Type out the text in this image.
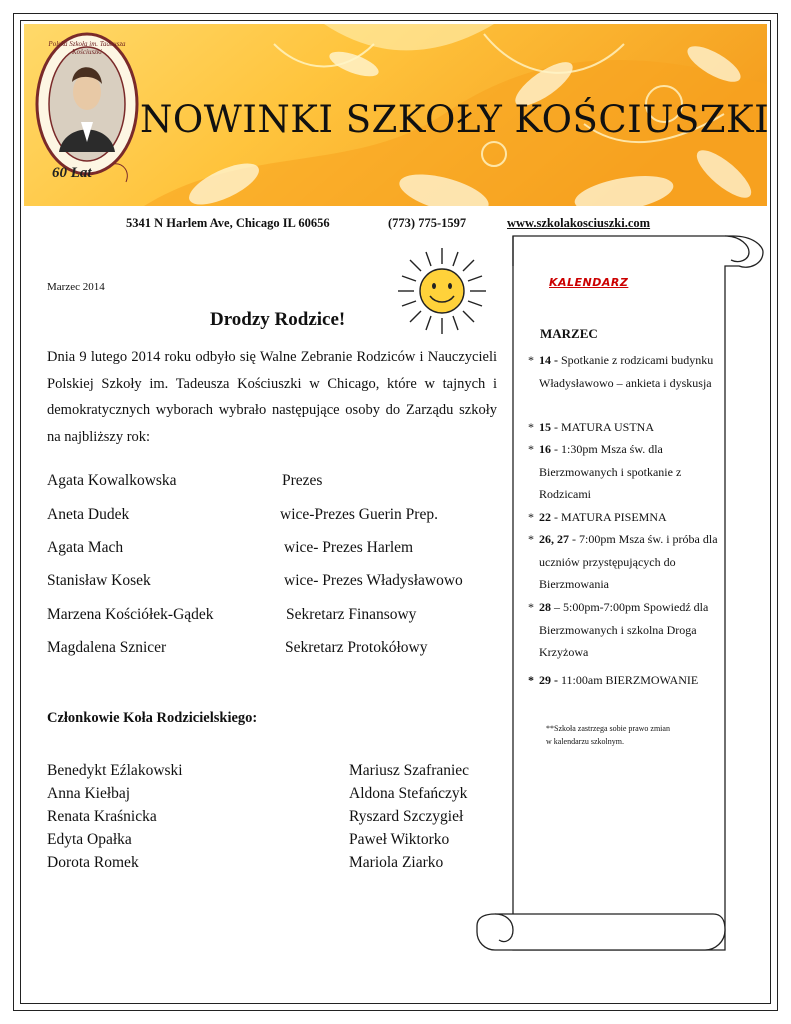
Polska Szkoła im. Tadeusza Kościuszki
60 Lat
NOWINKI SZKOŁY KOŚCIUSZKI
5341 N Harlem Ave, Chicago IL 60656	(773) 775-1597	www.szkolakosciuszki.com
Marzec 2014
Drodzy Rodzice!
Dnia 9 lutego 2014 roku odbyło się Walne Zebranie Rodziców i Nauczycieli Polskiej Szkoły im. Tadeusza Kościuszki w Chicago, które w tajnych i demokratycznych wyborach wybrało następujące osoby do Zarządu szkoły na najbliższy rok:
Agata Kowalkowska	Prezes
Aneta Dudek	wice-Prezes Guerin Prep.
Agata Mach	wice- Prezes Harlem
Stanisław Kosek	wice- Prezes Władysławowo
Marzena Kościółek-Gądek	Sekretarz Finansowy
Magdalena Sznicer	Sekretarz Protokółowy
Członkowie Koła Rodzicielskiego:
Benedykt Eźlakowski
Anna Kiełbaj
Renata Kraśnicka
Edyta Opałka
Dorota Romek
Mariusz Szafraniec
Aldona Stefańczyk
Ryszard Szczygieł
Paweł Wiktorko
Mariola Ziarko
KALENDARZ
MARZEC
* 14 - Spotkanie z rodzicami budynku Władysławowo – ankieta i dyskusja
* 15 - MATURA USTNA
* 16 - 1:30pm Msza św. dla Bierzmowanych i spotkanie z Rodzicami
* 22 - MATURA PISEMNA
* 26, 27 - 7:00pm Msza św. i próba dla uczniów przystępujących do Bierzmowania
* 28 – 5:00pm-7:00pm Spowiedź dla Bierzmowanych i szkolna Droga Krzyżowa
* 29 - 11:00am BIERZMOWANIE
**Szkoła zastrzega sobie prawo zmian
w kalendarzu szkolnym.
